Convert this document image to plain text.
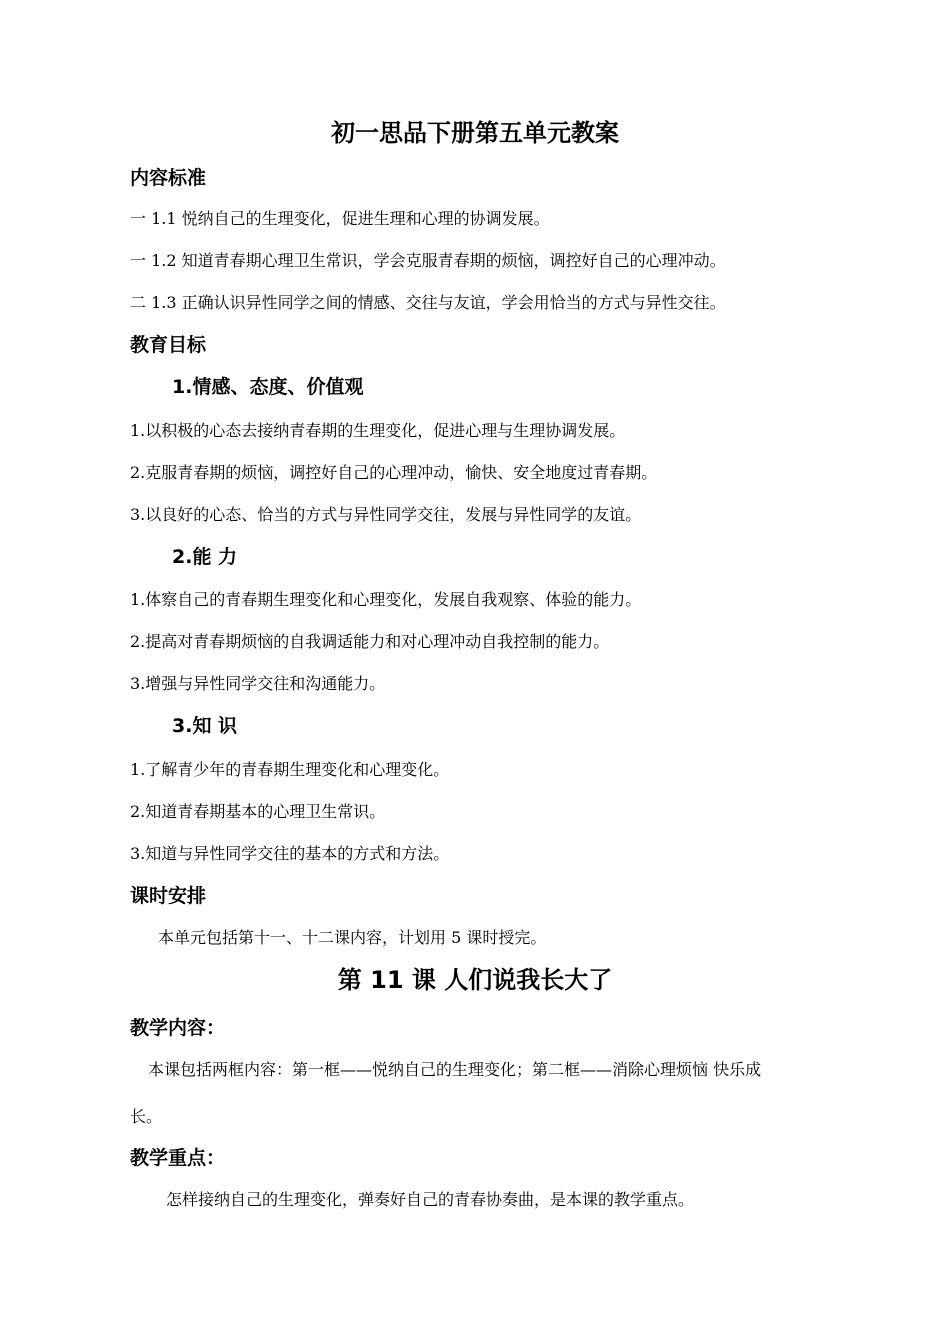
初一思品下册第五单元教案
内容标准
一 1.1 悦纳自己的生理变化，促进生理和心理的协调发展。
一 1.2 知道青春期心理卫生常识，学会克服青春期的烦恼，调控好自己的心理冲动。
二 1.3 正确认识异性同学之间的情感、交往与友谊，学会用恰当的方式与异性交往。
教育目标
1.情感、态度、价值观
1.以积极的心态去接纳青春期的生理变化，促进心理与生理协调发展。
2.克服青春期的烦恼，调控好自己的心理冲动，愉快、安全地度过青春期。
3.以良好的心态、恰当的方式与异性同学交往，发展与异性同学的友谊。
2.能 力
1.体察自己的青春期生理变化和心理变化，发展自我观察、体验的能力。
2.提高对青春期烦恼的自我调适能力和对心理冲动自我控制的能力。
3.增强与异性同学交往和沟通能力。
3.知 识
1.了解青少年的青春期生理变化和心理变化。
2.知道青春期基本的心理卫生常识。
3.知道与异性同学交往的基本的方式和方法。
课时安排
本单元包括第十一、十二课内容，计划用 5 课时授完。
第 11 课 人们说我长大了
教学内容：
本课包括两框内容：第一框——悦纳自己的生理变化；第二框——消除心理烦恼 快乐成
长。
教学重点：
怎样接纳自己的生理变化，弹奏好自己的青春协奏曲，是本课的教学重点。
